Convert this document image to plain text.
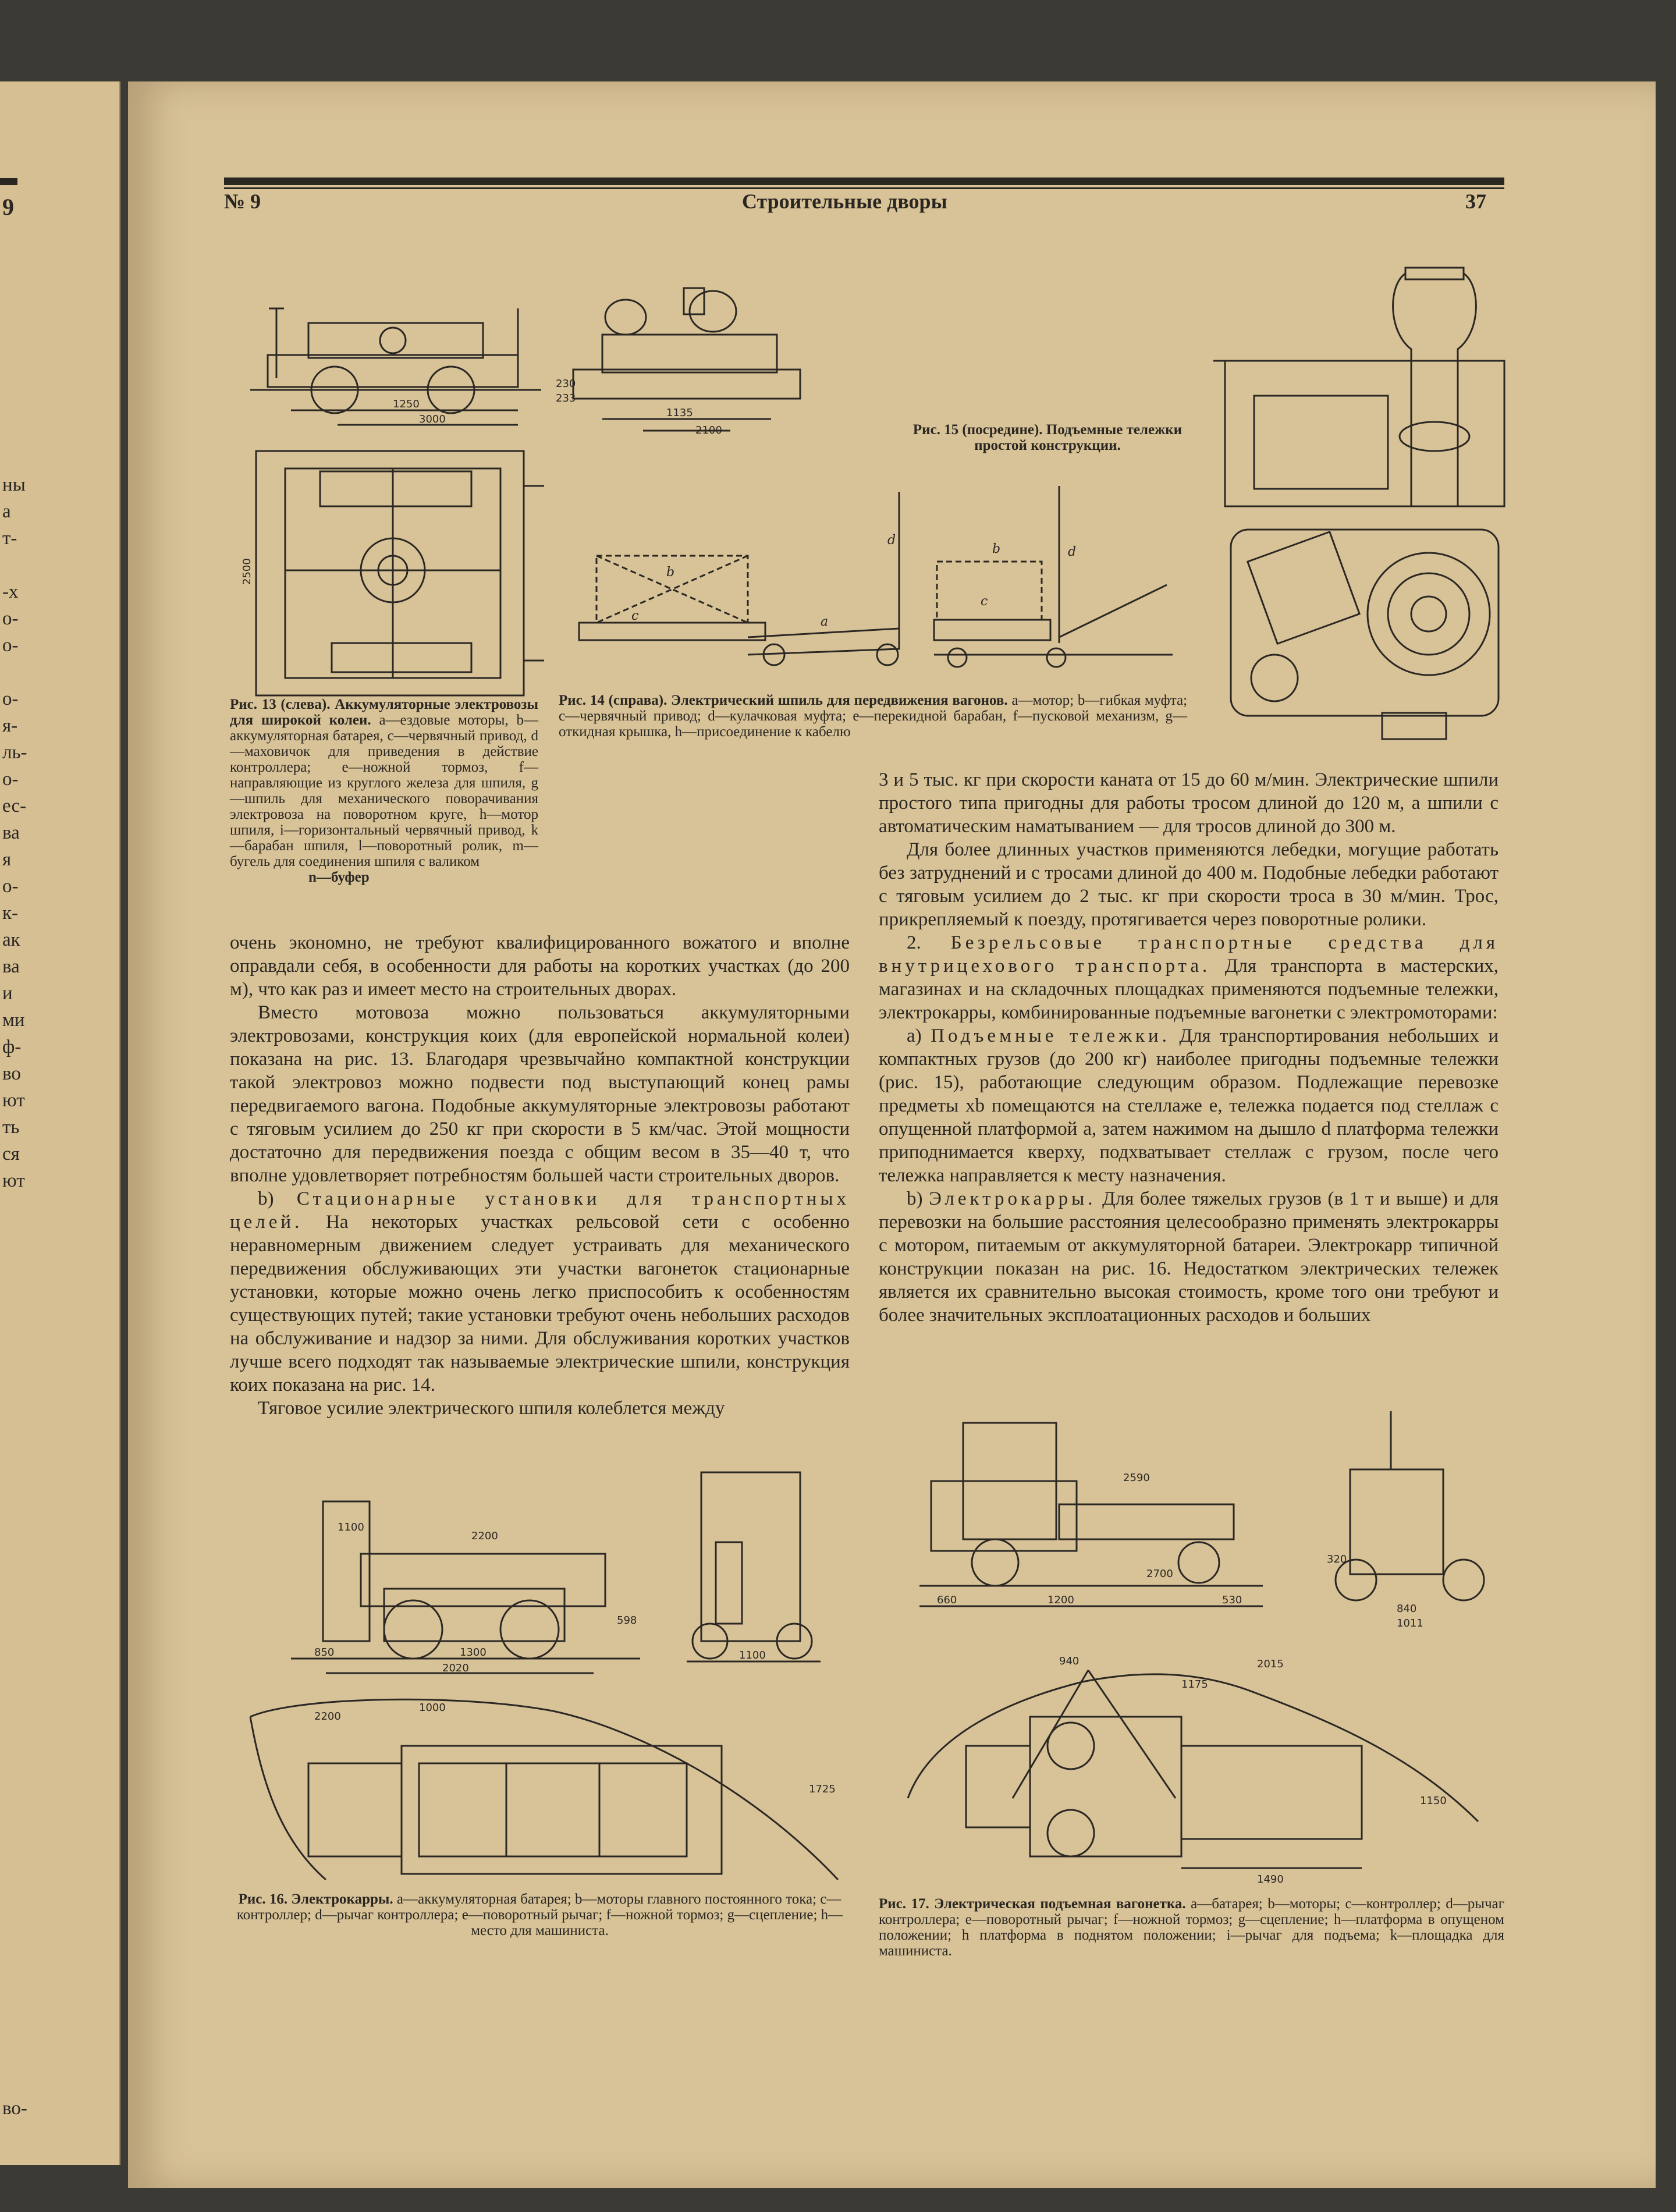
9
ны
а
т-
-х
о-
о-
о-
я-
ль-
о-
ес-
ва
я
о-
к-
ак
ва
и
ми
ф-
во
ют
ть
ся
ют
во-
№ 9	Строительные дворы	37
1250
3000
2500
Рис. 13 (слева). Аккумуляторные электровозы для широкой колеи. a—ездовые моторы, b—аккумуляторная батарея, c—червячный привод, d—маховичок для приведения в действие контроллера; e—ножной тормоз, f—направляющие из круглого железа для шпиля, g—шпиль для механического поворачивания электровоза на поворотном круге, h—мотор шпиля, i—горизонтальный червячный привод, k—барабан шпиля, l—поворотный ролик, m—бугель для соединения шпиля с валиком
n—буфер
1135
2100
230
233
Рис. 14 (справа). Электрический шпиль для передвижения вагонов. a—мотор; b—гибкая муфта; c—червячный привод; d—кулачковая муфта; e—перекидной барабан, f—пусковой механизм, g—откидная крышка, h—присоединение к кабелю
Рис. 15 (посредине). Подъемные тележки простой конструкции.
b
c	a
d
b
c
d

очень экономно, не требуют квалифицированного вожатого и вполне оправдали себя, в особенности для работы на коротких участках (до 200 м), что как раз и имеет место на строительных дворах.

Вместо мотовоза можно пользоваться аккумуляторными электровозами, конструкция коих (для европейской нормальной колеи) показана на рис. 13. Благодаря чрезвычайно компактной конструкции такой электровоз можно подвести под выступающий конец рамы передвигаемого вагона. Подобные аккумуляторные электровозы работают с тяговым усилием до 250 кг при скорости в 5 км/час. Этой мощности достаточно для передвижения поезда с общим весом в 35—40 т, что вполне удовлетворяет потребностям большей части строительных дворов.

b) Стационарные установки для транспортных целей. На некоторых участках рельсовой сети с особенно неравномерным движением следует устраивать для механического передвижения обслуживающих эти участки вагонеток стационарные установки, которые можно очень легко приспособить к особенностям существующих путей; такие установки требуют очень небольших расходов на обслуживание и надзор за ними. Для обслуживания коротких участков лучше всего подходят так называемые электрические шпили, конструкция коих показана на рис. 14.

Тяговое усилие электрического шпиля колеблется между

3 и 5 тыс. кг при скорости каната от 15 до 60 м/мин. Электрические шпили простого типа пригодны для работы тросом длиной до 120 м, а шпили с автоматическим наматыванием — для тросов длиной до 300 м.

Для более длинных участков применяются лебедки, могущие работать без затруднений и с тросами длиной до 400 м. Подобные лебедки работают с тяговым усилием до 2 тыс. кг при скорости троса в 30 м/мин. Трос, прикрепляемый к поезду, протягивается через поворотные ролики.

2. Безрельсовые транспортные средства для внутрицехового транспорта. Для транспорта в мастерских, магазинах и на складочных площадках применяются подъемные тележки, электрокарры, комбинированные подъемные вагонетки с электромоторами:

a) Подъемные тележки. Для транспортирования небольших и компактных грузов (до 200 кг) наиболее пригодны подъемные тележки (рис. 15), работающие следующим образом. Подлежащие перевозке предметы xb помещаются на стеллаже e, тележка подается под стеллаж с опущенной платформой a, затем нажимом на дышло d платформа тележки приподнимается кверху, подхватывает стеллаж с грузом, после чего тележка направляется к месту назначения.

b) Электрокарры. Для более тяжелых грузов (в 1 т и выше) и для перевозки на большие расстояния целесообразно применять электрокарры с мотором, питаемым от аккумуляторной батареи. Электрокарр типичной конструкции показан на рис. 16. Недостатком электрических тележек является их сравнительно высокая стоимость, кроме того они требуют и более значительных эксплоатационных расходов и больших

2200
1300
2020
850
1100
1100
598
2200
1000
1725
Рис. 16. Электрокарры. a—аккумуляторная батарея; b—моторы главного постоянного тока; c—контроллер; d—рычаг контроллера; e—поворотный рычаг; f—ножной тормоз; g—сцепление; h—место для машиниста.
2590
1200	530
660
2700
320
840
1011
940
1175
2015
1150
1490
Рис. 17. Электрическая подъемная вагонетка. a—батарея; b—моторы; c—контроллер; d—рычаг контроллера; e—поворотный рычаг; f—ножной тормоз; g—сцепление; h—платформа в опущеном положении; h платформа в поднятом положении; i—рычаг для подъема; k—площадка для машиниста.
